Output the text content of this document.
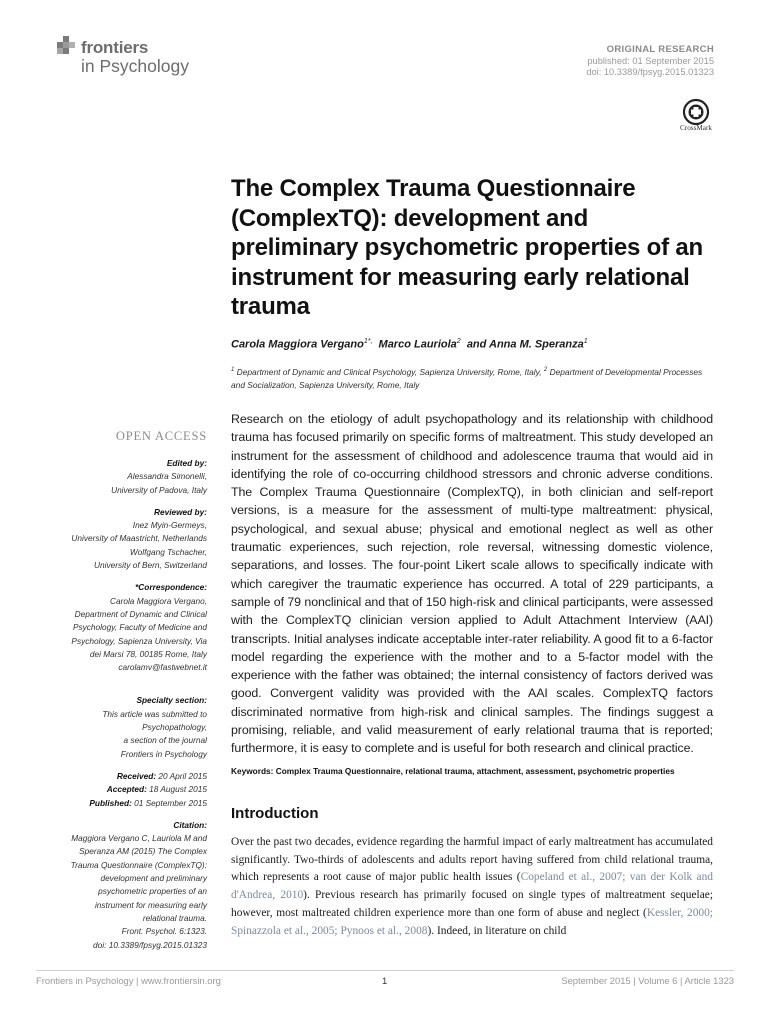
frontiers
in Psychology
ORIGINAL RESEARCH
published: 01 September 2015
doi: 10.3389/fpsyg.2015.01323
CrossMark
The Complex Trauma Questionnaire (ComplexTQ): development and preliminary psychometric properties of an instrument for measuring early relational trauma
Carola Maggiora Vergano$^{1*,}$ Marco Lauriola$^2$ and Anna M. Speranza$^1$
$^1$ Department of Dynamic and Clinical Psychology, Sapienza University, Rome, Italy, $^2$ Department of Developmental Processes and Socialization, Sapienza University, Rome, Italy
OPEN ACCESS
Edited by:
Alessandra Simonelli,
University of Padova, Italy
Reviewed by:
Inez Myin-Germeys,
University of Maastricht, Netherlands
Wolfgang Tschacher,
University of Bern, Switzerland
*Correspondence:
Carola Maggiora Vergano,
Department of Dynamic and Clinical
Psychology, Faculty of Medicine and
Psychology, Sapienza University, Via
dei Marsi 78, 00185 Rome, Italy
carolamv@fastwebnet.it
Specialty section:
This article was submitted to
Psychopathology,
a section of the journal
Frontiers in Psychology
Received: 20 April 2015
Accepted: 18 August 2015
Published: 01 September 2015
Citation:
Maggiora Vergano C, Lauriola M and
Speranza AM (2015) The Complex
Trauma Questionnaire (ComplexTQ):
development and preliminary
psychometric properties of an
instrument for measuring early
relational trauma.
Front. Psychol. 6:1323.
doi: 10.3389/fpsyg.2015.01323

Research on the etiology of adult psychopathology and its relationship with childhood trauma has focused primarily on specific forms of maltreatment. This study developed an instrument for the assessment of childhood and adolescence trauma that would aid in identifying the role of co-occurring childhood stressors and chronic adverse conditions. The Complex Trauma Questionnaire (ComplexTQ), in both clinician and self-report versions, is a measure for the assessment of multi-type maltreatment: physical, psychological, and sexual abuse; physical and emotional neglect as well as other traumatic experiences, such rejection, role reversal, witnessing domestic violence, separations, and losses. The four-point Likert scale allows to specifically indicate with which caregiver the traumatic experience has occurred. A total of 229 participants, a sample of 79 nonclinical and that of 150 high-risk and clinical participants, were assessed with the ComplexTQ clinician version applied to Adult Attachment Interview (AAI) transcripts. Initial analyses indicate acceptable inter-rater reliability. A good fit to a 6-factor model regarding the experience with the mother and to a 5-factor model with the experience with the father was obtained; the internal consistency of factors derived was good. Convergent validity was provided with the AAI scales. ComplexTQ factors discriminated normative from high-risk and clinical samples. The findings suggest a promising, reliable, and valid measurement of early relational trauma that is reported; furthermore, it is easy to complete and is useful for both research and clinical practice.

Keywords: Complex Trauma Questionnaire, relational trauma, attachment, assessment, psychometric properties
Introduction

Over the past two decades, evidence regarding the harmful impact of early maltreatment has accumulated significantly. Two-thirds of adolescents and adults report having suffered from child relational trauma, which represents a root cause of major public health issues (Copeland et al., 2007; van der Kolk and d'Andrea, 2010). Previous research has primarily focused on single types of maltreatment sequelae; however, most maltreated children experience more than one form of abuse and neglect (Kessler, 2000; Spinazzola et al., 2005; Pynoos et al., 2008). Indeed, in literature on child

Frontiers in Psychology | www.frontiersin.org	1	September 2015 | Volume 6 | Article 1323
